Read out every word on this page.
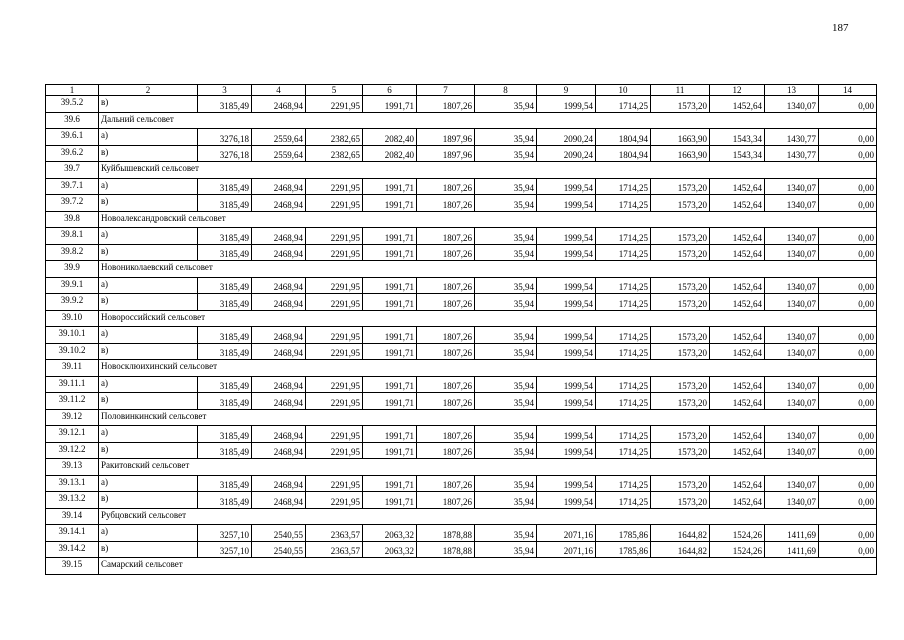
187
1	2	3	4	5	6	7	8	9	10	11	12	13	14
39.5.2	в)	3185,49	2468,94	2291,95	1991,71	1807,26	35,94	1999,54	1714,25	1573,20	1452,64	1340,07	0,00
39.6	Дальний сельсовет												
39.6.1	а)	3276,18	2559,64	2382,65	2082,40	1897,96	35,94	2090,24	1804,94	1663,90	1543,34	1430,77	0,00
39.6.2	в)	3276,18	2559,64	2382,65	2082,40	1897,96	35,94	2090,24	1804,94	1663,90	1543,34	1430,77	0,00
39.7	Куйбышевский сельсовет												
39.7.1	а)	3185,49	2468,94	2291,95	1991,71	1807,26	35,94	1999,54	1714,25	1573,20	1452,64	1340,07	0,00
39.7.2	в)	3185,49	2468,94	2291,95	1991,71	1807,26	35,94	1999,54	1714,25	1573,20	1452,64	1340,07	0,00
39.8	Новоалександровский сельсовет												
39.8.1	а)	3185,49	2468,94	2291,95	1991,71	1807,26	35,94	1999,54	1714,25	1573,20	1452,64	1340,07	0,00
39.8.2	в)	3185,49	2468,94	2291,95	1991,71	1807,26	35,94	1999,54	1714,25	1573,20	1452,64	1340,07	0,00
39.9	Новониколаевский сельсовет												
39.9.1	а)	3185,49	2468,94	2291,95	1991,71	1807,26	35,94	1999,54	1714,25	1573,20	1452,64	1340,07	0,00
39.9.2	в)	3185,49	2468,94	2291,95	1991,71	1807,26	35,94	1999,54	1714,25	1573,20	1452,64	1340,07	0,00
39.10	Новороссийский сельсовет												
39.10.1	а)	3185,49	2468,94	2291,95	1991,71	1807,26	35,94	1999,54	1714,25	1573,20	1452,64	1340,07	0,00
39.10.2	в)	3185,49	2468,94	2291,95	1991,71	1807,26	35,94	1999,54	1714,25	1573,20	1452,64	1340,07	0,00
39.11	Новосклюихинский сельсовет												
39.11.1	а)	3185,49	2468,94	2291,95	1991,71	1807,26	35,94	1999,54	1714,25	1573,20	1452,64	1340,07	0,00
39.11.2	в)	3185,49	2468,94	2291,95	1991,71	1807,26	35,94	1999,54	1714,25	1573,20	1452,64	1340,07	0,00
39.12	Половинкинский сельсовет												
39.12.1	а)	3185,49	2468,94	2291,95	1991,71	1807,26	35,94	1999,54	1714,25	1573,20	1452,64	1340,07	0,00
39.12.2	в)	3185,49	2468,94	2291,95	1991,71	1807,26	35,94	1999,54	1714,25	1573,20	1452,64	1340,07	0,00
39.13	Ракитовский сельсовет												
39.13.1	а)	3185,49	2468,94	2291,95	1991,71	1807,26	35,94	1999,54	1714,25	1573,20	1452,64	1340,07	0,00
39.13.2	в)	3185,49	2468,94	2291,95	1991,71	1807,26	35,94	1999,54	1714,25	1573,20	1452,64	1340,07	0,00
39.14	Рубцовский сельсовет												
39.14.1	а)	3257,10	2540,55	2363,57	2063,32	1878,88	35,94	2071,16	1785,86	1644,82	1524,26	1411,69	0,00
39.14.2	в)	3257,10	2540,55	2363,57	2063,32	1878,88	35,94	2071,16	1785,86	1644,82	1524,26	1411,69	0,00
39.15	Самарский сельсовет												
